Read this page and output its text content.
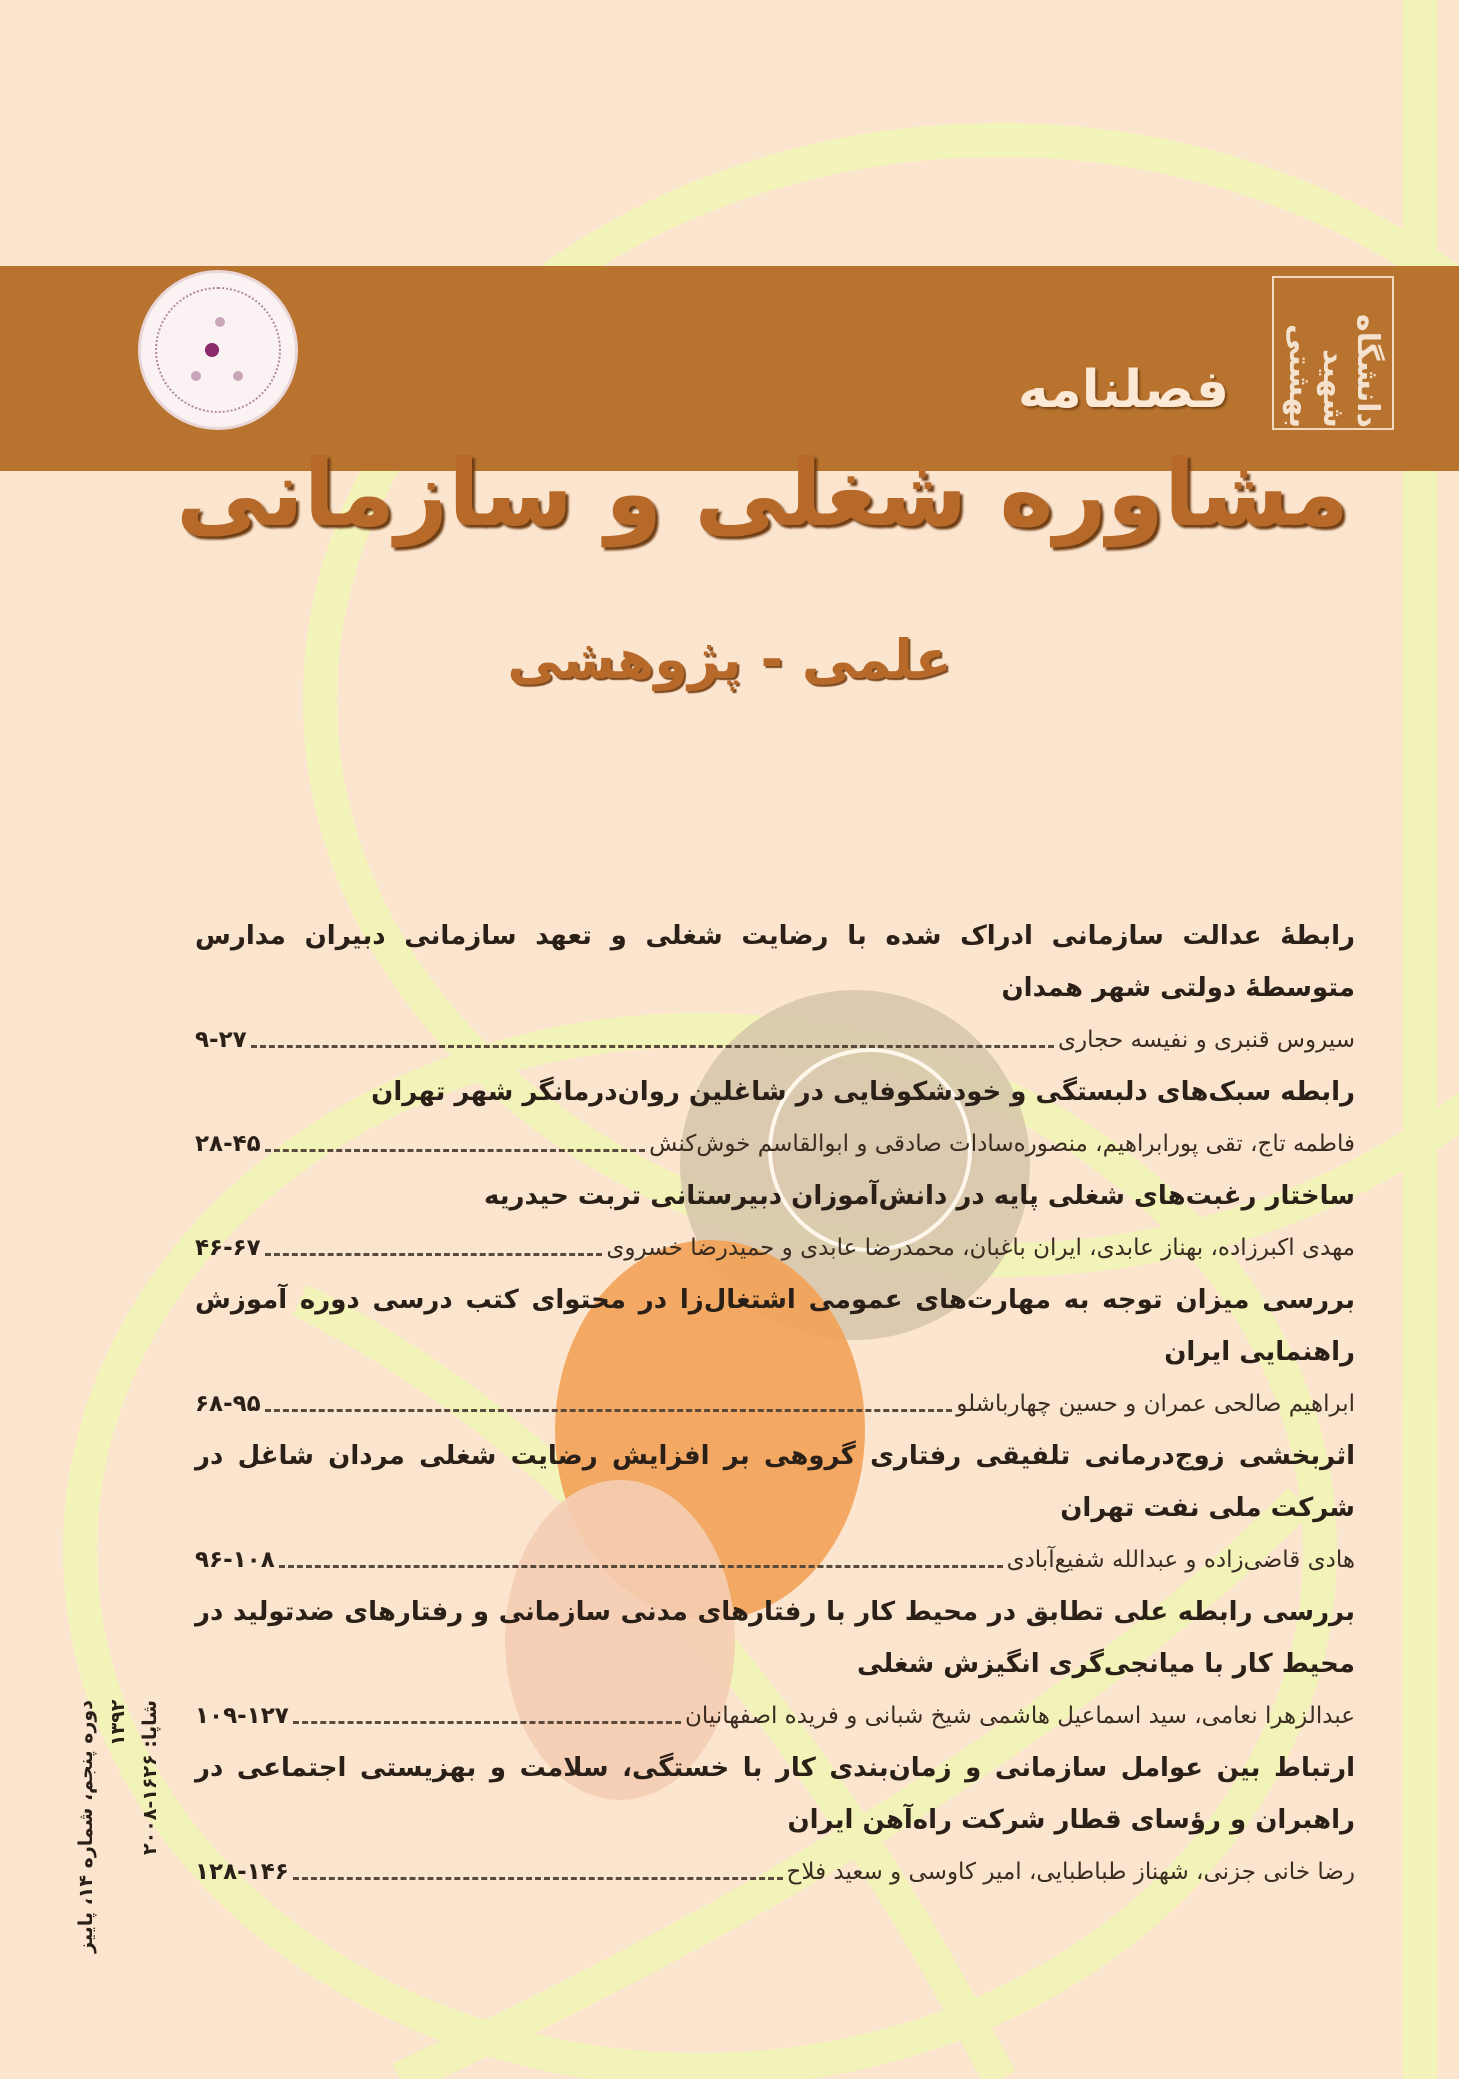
دانشگاه شهید بهشتی
فصلنامه
مشاوره شغلی و سازمانی
علمی - پژوهشی
رابطهٔ عدالت سازمانی ادراک شده با رضایت شغلی و تعهد سازمانی دبیران مدارس متوسطهٔ دولتی شهر همدان
سیروس قنبری و نفیسه حجاری
۹-۲۷
رابطه سبک‌های دلبستگی و خودشکوفایی در شاغلین روان‌درمانگر شهر تهران
فاطمه تاج، تقی پورابراهیم، منصوره‌سادات صادقی و ابوالقاسم خوش‌کنش
۲۸-۴۵
ساختار رغبت‌های شغلی پایه در دانش‌آموزان دبیرستانی تربت حیدریه
مهدی اکبرزاده، بهناز عابدی، ایران باغبان، محمدرضا عابدی و حمیدرضا خسروی
۴۶-۶۷
بررسی میزان توجه به مهارت‌های عمومی اشتغال‌زا در محتوای کتب درسی دوره آموزش راهنمایی ایران
ابراهیم صالحی عمران و حسین چهارباشلو
۶۸-۹۵
اثربخشی زوج‌درمانی تلفیقی رفتاری گروهی بر افزایش رضایت شغلی مردان شاغل در شرکت ملی نفت تهران
هادی قاضی‌زاده و عبدالله شفیع‌آبادی
۹۶-۱۰۸
بررسی رابطه علی تطابق در محیط کار با رفتارهای مدنی سازمانی و رفتارهای ضدتولید در محیط کار با میانجی‌گری انگیزش شغلی
عبدالزهرا نعامی، سید اسماعیل هاشمی شیخ شبانی و فریده اصفهانیان
۱۰۹-۱۲۷
ارتباط بین عوامل سازمانی و زمان‌بندی کار با خستگی، سلامت و بهزیستی اجتماعی در راهبران و رؤسای قطار شرکت راه‌آهن ایران
رضا خانی جزنی، شهناز طباطبایی، امیر کاوسی و سعید فلاح
۱۲۸-۱۴۶
دوره پنجم، شماره ۱۴، پاییز ۱۳۹۲
شاپا: ۱۶۲۶-۲۰۰۸
